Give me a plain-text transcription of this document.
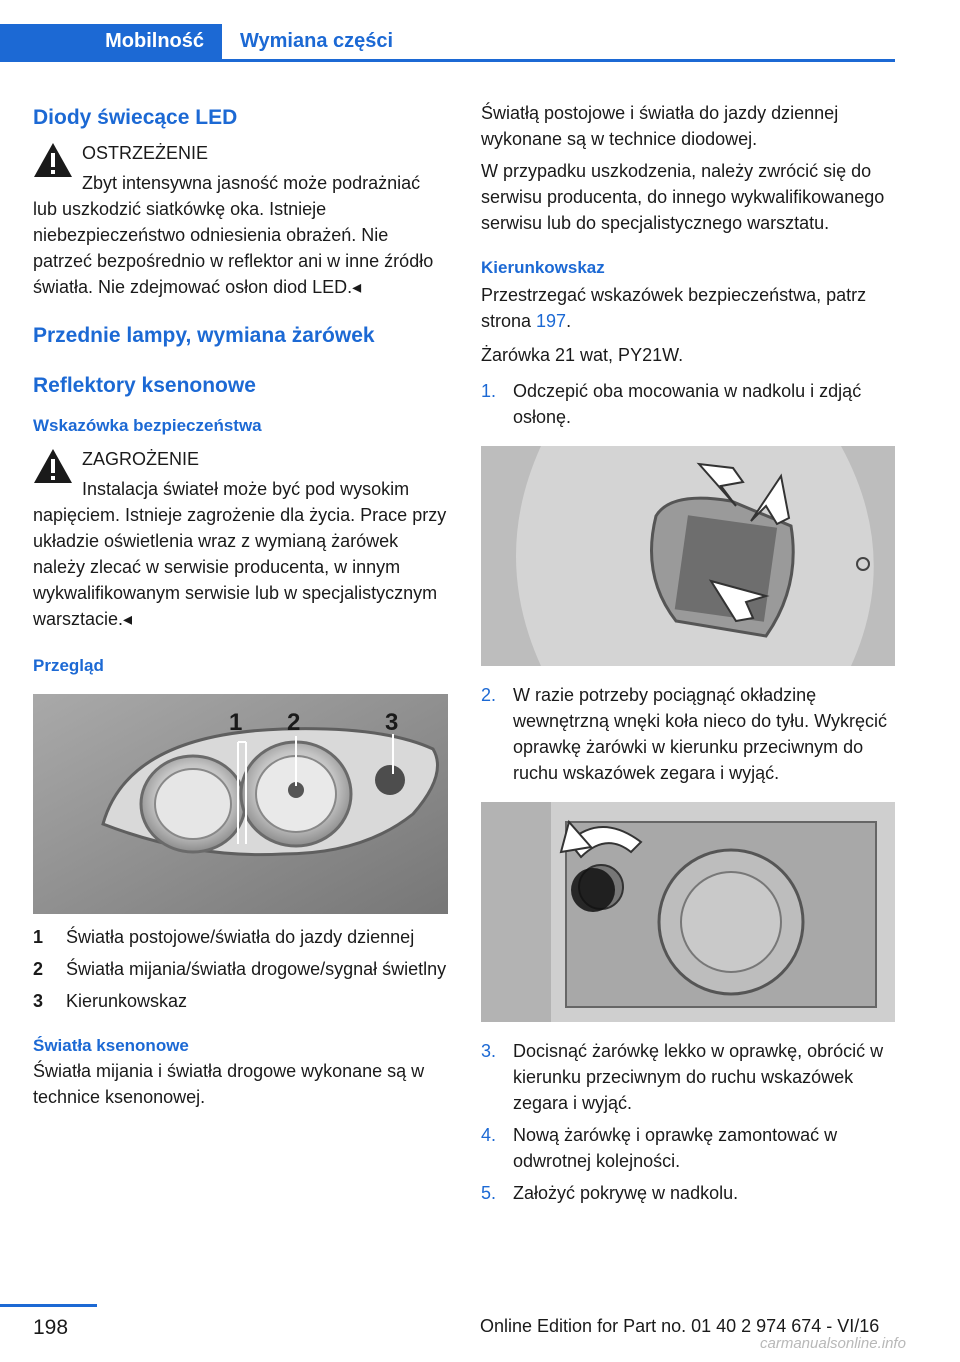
Mobilność	Wymiana części
Diody świecące LED
OSTRZEŻENIE
Zbyt intensywna jasność może podrażniać lub uszkodzić siatkówkę oka. Istnieje niebezpieczeństwo odniesienia obrażeń. Nie patrzeć bezpośrednio w reflektor ani w inne źródło światła. Nie zdejmować osłon diod LED.◂
Przednie lampy, wymiana żarówek
Reflektory ksenonowe
Wskazówka bezpieczeństwa
ZAGROŻENIE
Instalacja świateł może być pod wysokim napięciem. Istnieje zagrożenie dla życia. Prace przy układzie oświetlenia wraz z wymianą żarówek należy zlecać w serwisie producenta, w innym wykwalifikowanym serwisie lub w specjalistycznym warsztacie.◂
Przegląd
1 2	3
1	Światła postojowe/światła do jazdy dziennej
2	Światła mijania/światła drogowe/sygnał świetlny
3	Kierunkowskaz
Światła ksenonowe
Światła mijania i światła drogowe wykonane są w technice ksenonowej.
Światłą postojowe i światła do jazdy dziennej wykonane są w technice diodowej.
W przypadku uszkodzenia, należy zwrócić się do serwisu producenta, do innego wykwalifikowanego serwisu lub do specjalistycznego warsztatu.
Kierunkowskaz
Przestrzegać wskazówek bezpieczeństwa, patrz strona 197.
Żarówka 21 wat, PY21W.
1. Odczepić oba mocowania w nadkolu i zdjąć osłonę.
2. W razie potrzeby pociągnąć okładzinę wewnętrzną wnęki koła nieco do tyłu. Wykręcić oprawkę żarówki w kierunku przeciwnym do ruchu wskazówek zegara i wyjąć.
3. Docisnąć żarówkę lekko w oprawkę, obrócić w kierunku przeciwnym do ruchu wskazówek zegara i wyjąć.
4. Nową żarówkę i oprawkę zamontować w odwrotnej kolejności.
5. Założyć pokrywę w nadkolu.
198	Online Edition for Part no. 01 40 2 974 674 - VI/16
carmanualsonline.info
